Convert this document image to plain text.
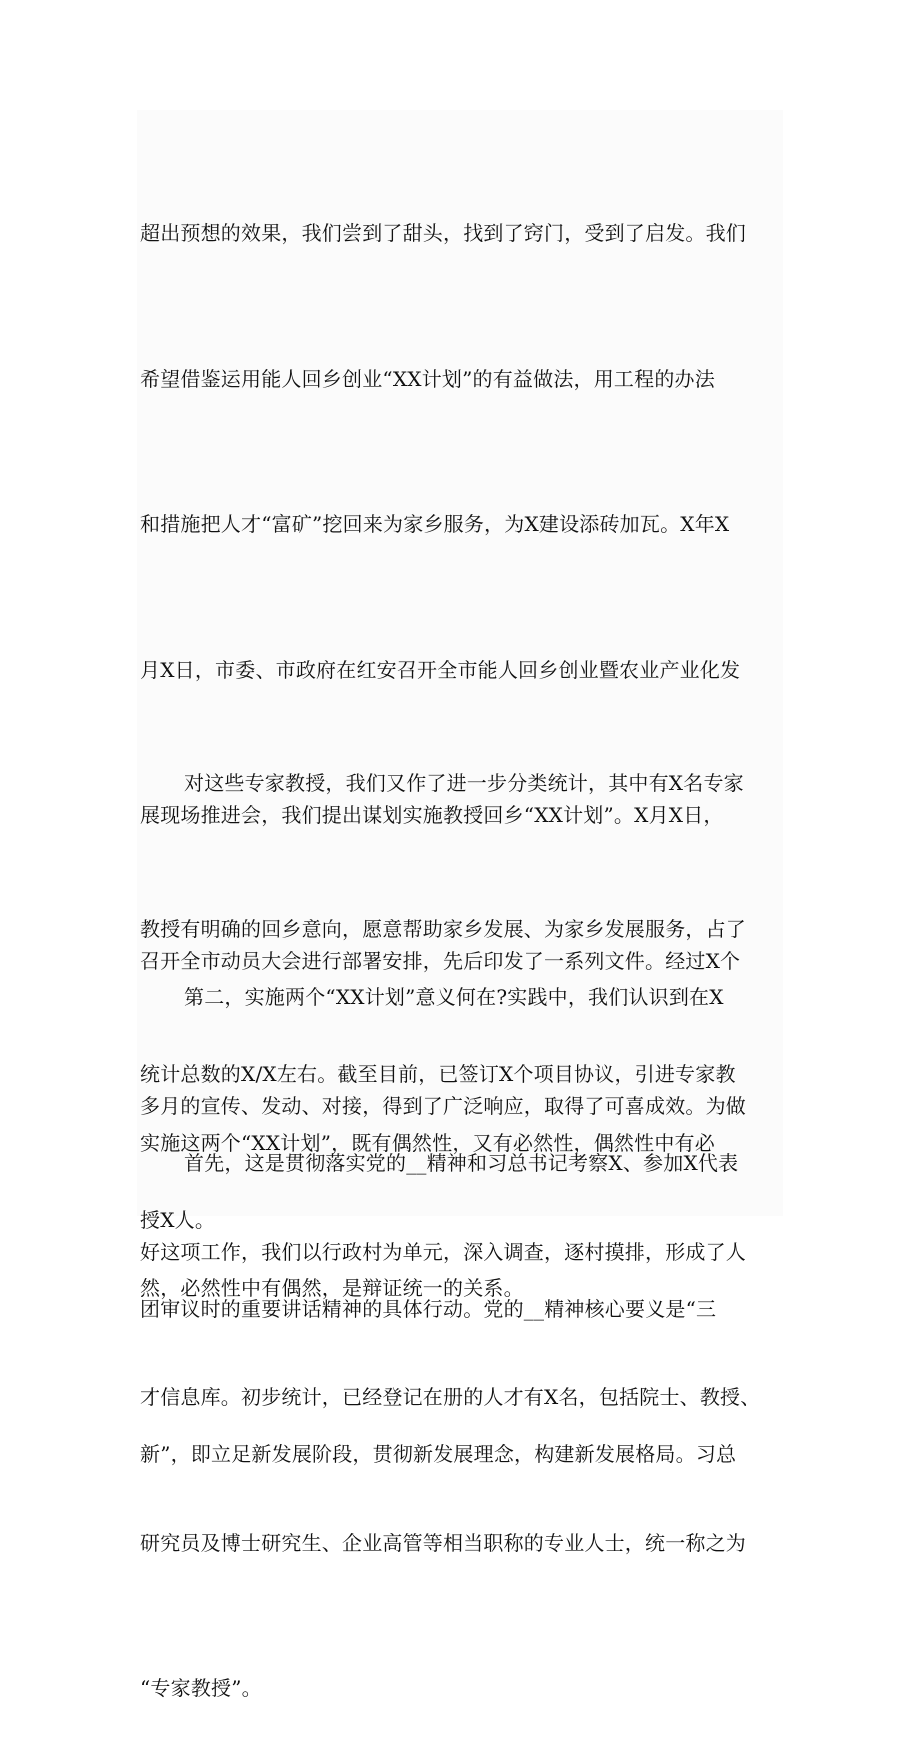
超出预想的效果，我们尝到了甜头，找到了窍门，受到了启发。我们

希望借鉴运用能人回乡创业“XX计划”的有益做法，用工程的办法

和措施把人才“富矿”挖回来为家乡服务，为X建设添砖加瓦。X年X

月X日，市委、市政府在红安召开全市能人回乡创业暨农业产业化发

展现场推进会，我们提出谋划实施教授回乡“XX计划”。X月X日，

召开全市动员大会进行部署安排，先后印发了一系列文件。经过X个

多月的宣传、发动、对接，得到了广泛响应，取得了可喜成效。为做

好这项工作，我们以行政村为单元，深入调查，逐村摸排，形成了人

才信息库。初步统计，已经登记在册的人才有X名，包括院士、教授、

研究员及博士研究生、企业高管等相当职称的专业人士，统一称之为

“专家教授”。

对这些专家教授，我们又作了进一步分类统计，其中有X名专家

教授有明确的回乡意向，愿意帮助家乡发展、为家乡发展服务，占了

统计总数的X/X左右。截至目前，已签订X个项目协议，引进专家教

授X人。

第二，实施两个“XX计划”意义何在?实践中，我们认识到在X

实施这两个“XX计划”，既有偶然性，又有必然性，偶然性中有必

然，必然性中有偶然，是辩证统一的关系。

首先，这是贯彻落实党的__精神和习总书记考察X、参加X代表

团审议时的重要讲话精神的具体行动。党的__精神核心要义是“三

新”，即立足新发展阶段，贯彻新发展理念，构建新发展格局。习总
